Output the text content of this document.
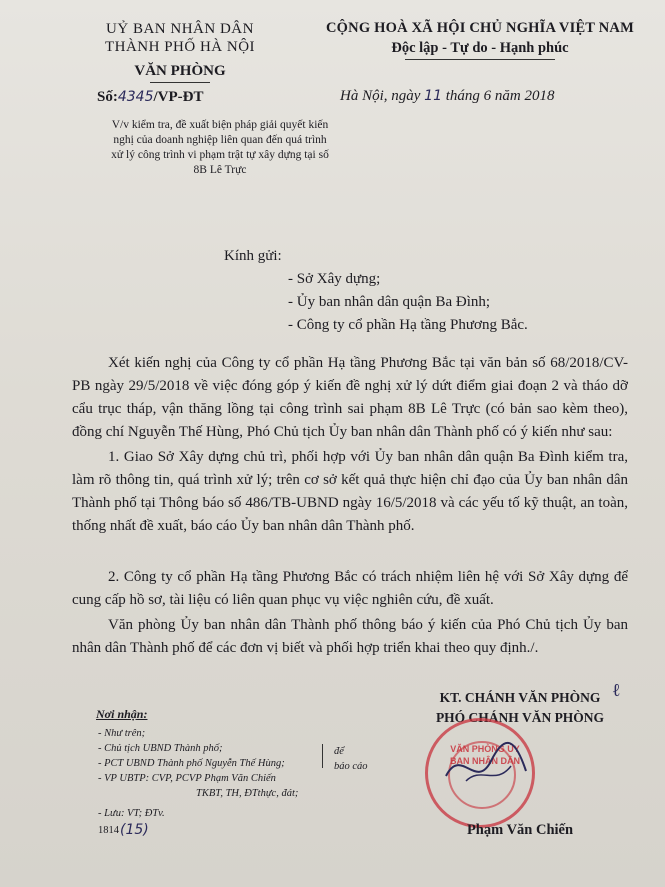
UỶ BAN NHÂN DÂN
THÀNH PHỐ HÀ NỘI
VĂN PHÒNG
Số:4345/VP-ĐT
V/v kiểm tra, đề xuất biện pháp giải quyết kiến nghị của doanh nghiệp liên quan đến quá trình xử lý công trình vi phạm trật tự xây dựng tại số 8B Lê Trực
CỘNG HOÀ XÃ HỘI CHỦ NGHĨA VIỆT NAM
Độc lập - Tự do - Hạnh phúc
Hà Nội, ngày 11 tháng 6 năm 2018
Kính gửi:
- Sở Xây dựng;
- Ủy ban nhân dân quận Ba Đình;
- Công ty cổ phần Hạ tầng Phương Bắc.

Xét kiến nghị của Công ty cổ phần Hạ tầng Phương Bắc tại văn bản số 68/2018/CV-PB ngày 29/5/2018 về việc đóng góp ý kiến đề nghị xử lý dứt điểm giai đoạn 2 và tháo dỡ cẩu trục tháp, vận thăng lồng tại công trình sai phạm 8B Lê Trực (có bản sao kèm theo), đồng chí Nguyễn Thế Hùng, Phó Chủ tịch Ủy ban nhân dân Thành phố có ý kiến như sau:

1. Giao Sở Xây dựng chủ trì, phối hợp với Ủy ban nhân dân quận Ba Đình kiểm tra, làm rõ thông tin, quá trình xử lý; trên cơ sở kết quả thực hiện chỉ đạo của Ủy ban nhân dân Thành phố tại Thông báo số 486/TB-UBND ngày 16/5/2018 và các yếu tố kỹ thuật, an toàn, thống nhất đề xuất, báo cáo Ủy ban nhân dân Thành phố.

2. Công ty cổ phần Hạ tầng Phương Bắc có trách nhiệm liên hệ với Sở Xây dựng để cung cấp hồ sơ, tài liệu có liên quan phục vụ việc nghiên cứu, đề xuất.

Văn phòng Ủy ban nhân dân Thành phố thông báo ý kiến của Phó Chủ tịch Ủy ban nhân dân Thành phố để các đơn vị biết và phối hợp triển khai theo quy định./.

Nơi nhận:
- Như trên;
- Chủ tịch UBND Thành phố;
- PCT UBND Thành phố Nguyễn Thế Hùng;
- VP UBTP: CVP, PCVP Phạm Văn Chiến
TKBT, TH, ĐTthực, đát;
- Lưu: VT; ĐTv.
1814 (15)
để
báo cáo
ℓ
KT. CHÁNH VĂN PHÒNG
PHÓ CHÁNH VĂN PHÒNG
VĂN PHÒNG ỦY BAN NHÂN DÂN
Phạm Văn Chiến
